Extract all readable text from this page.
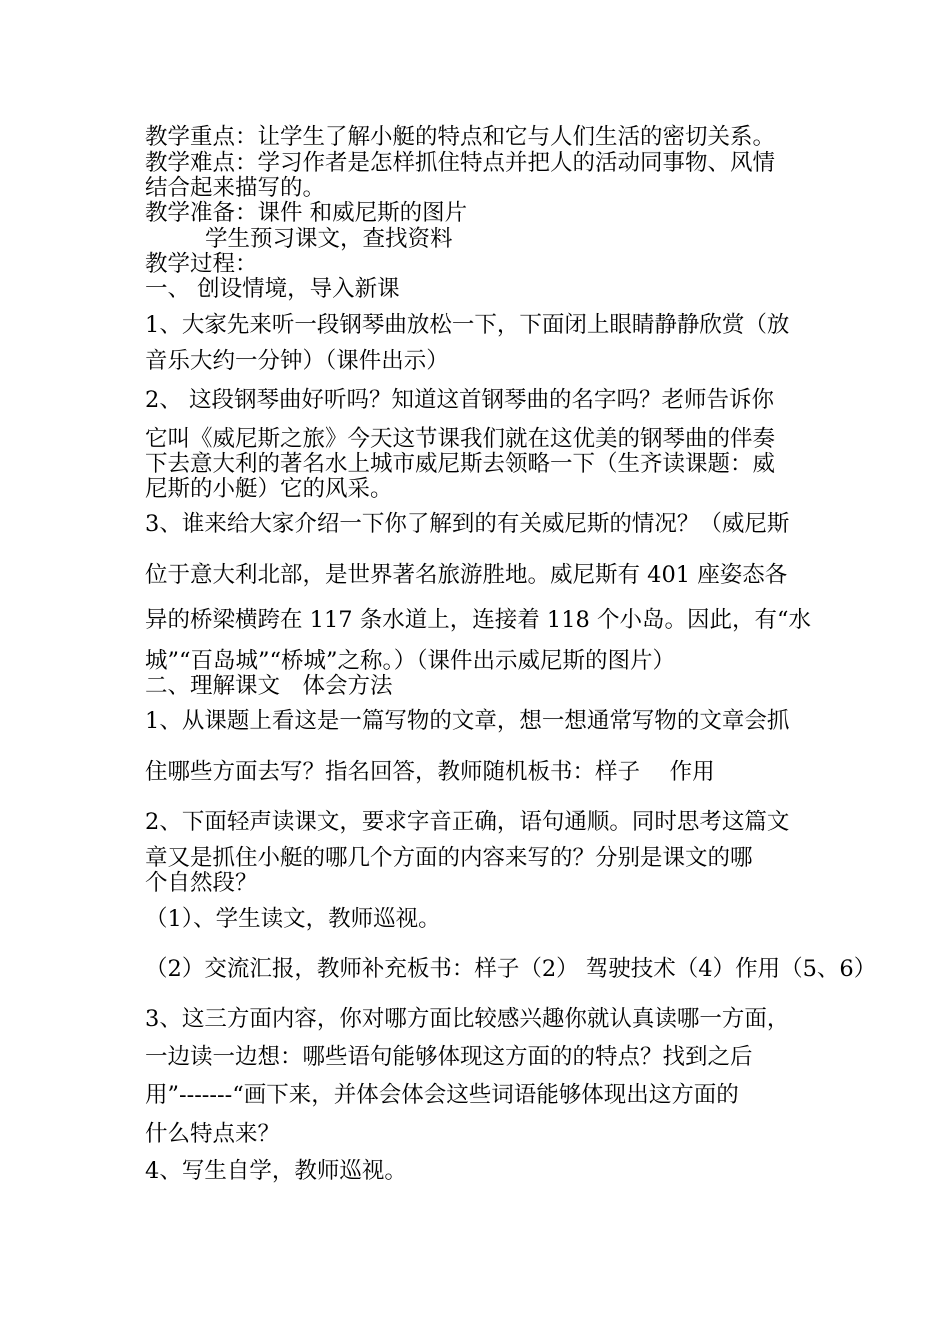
教学重点：让学生了解小艇的特点和它与人们生活的密切关系。
教学难点：学习作者是怎样抓住特点并把人的活动同事物、风情
结合起来描写的。
教学准备：课件 和威尼斯的图片
学生预习课文，查找资料
教学过程：
一、 创设情境，导入新课
1、大家先来听一段钢琴曲放松一下，下面闭上眼睛静静欣赏（放
音乐大约一分钟）（课件出示）
2、 这段钢琴曲好听吗？知道这首钢琴曲的名字吗？老师告诉你
它叫《威尼斯之旅》今天这节课我们就在这优美的钢琴曲的伴奏
下去意大利的著名水上城市威尼斯去领略一下（生齐读课题：威
尼斯的小艇）它的风采。
3、谁来给大家介绍一下你了解到的有关威尼斯的情况？（威尼斯
位于意大利北部，是世界著名旅游胜地。威尼斯有 401 座姿态各
异的桥梁横跨在 117 条水道上，连接着 118 个小岛。因此，有“水
城”“百岛城”“桥城”之称。）（课件出示威尼斯的图片）
二、理解课文　体会方法
1、从课题上看这是一篇写物的文章，想一想通常写物的文章会抓
住哪些方面去写？指名回答，教师随机板书：样子　 作用
2、下面轻声读课文，要求字音正确，语句通顺。同时思考这篇文
章又是抓住小艇的哪几个方面的内容来写的？分别是课文的哪
个自然段？
（1）、学生读文，教师巡视。
（2）交流汇报，教师补充板书：样子（2） 驾驶技术（4）作用（5、6）
3、这三方面内容，你对哪方面比较感兴趣你就认真读哪一方面，
一边读一边想：哪些语句能够体现这方面的的特点？找到之后
用”-------“画下来，并体会体会这些词语能够体现出这方面的
什么特点来？
4、写生自学，教师巡视。
